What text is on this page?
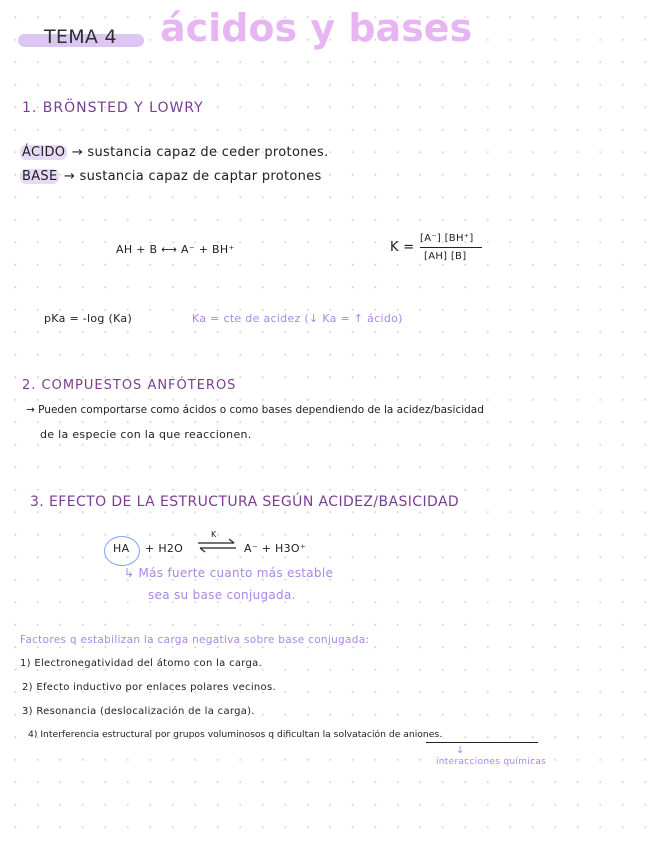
TEMA 4 ácidos y bases
1. BRÖNSTED Y LOWRY
ÁCIDO → sustancia capaz de ceder protones.
BASE → sustancia capaz de captar protones
AH + B ⟷ A⁻ + BH⁺	K =
[A⁻] [BH⁺]
[AH] [B]
pKa = -log (Ka)	Ka = cte de acidez (↓ Ka = ↑ ácido)
2. COMPUESTOS ANFÓTEROS
→ Pueden comportarse como ácidos o como bases dependiendo de la acidez/basicidad
de la especie con la que reaccionen.
3. EFECTO DE LA ESTRUCTURA SEGÚN ACIDEZ/BASICIDAD
HA + H2O
K
⇌ A⁻ + H3O⁺
↳ Más fuerte cuanto más estable
sea su base conjugada.
Factores q estabilizan la carga negativa sobre base conjugada:
1) Electronegatividad del átomo con la carga.
2) Efecto inductivo por enlaces polares vecinos.
3) Resonancia (deslocalización de la carga).
4) Interferencia estructural por grupos voluminosos q dificultan la solvatación de aniones.
↓
interacciones químicas
